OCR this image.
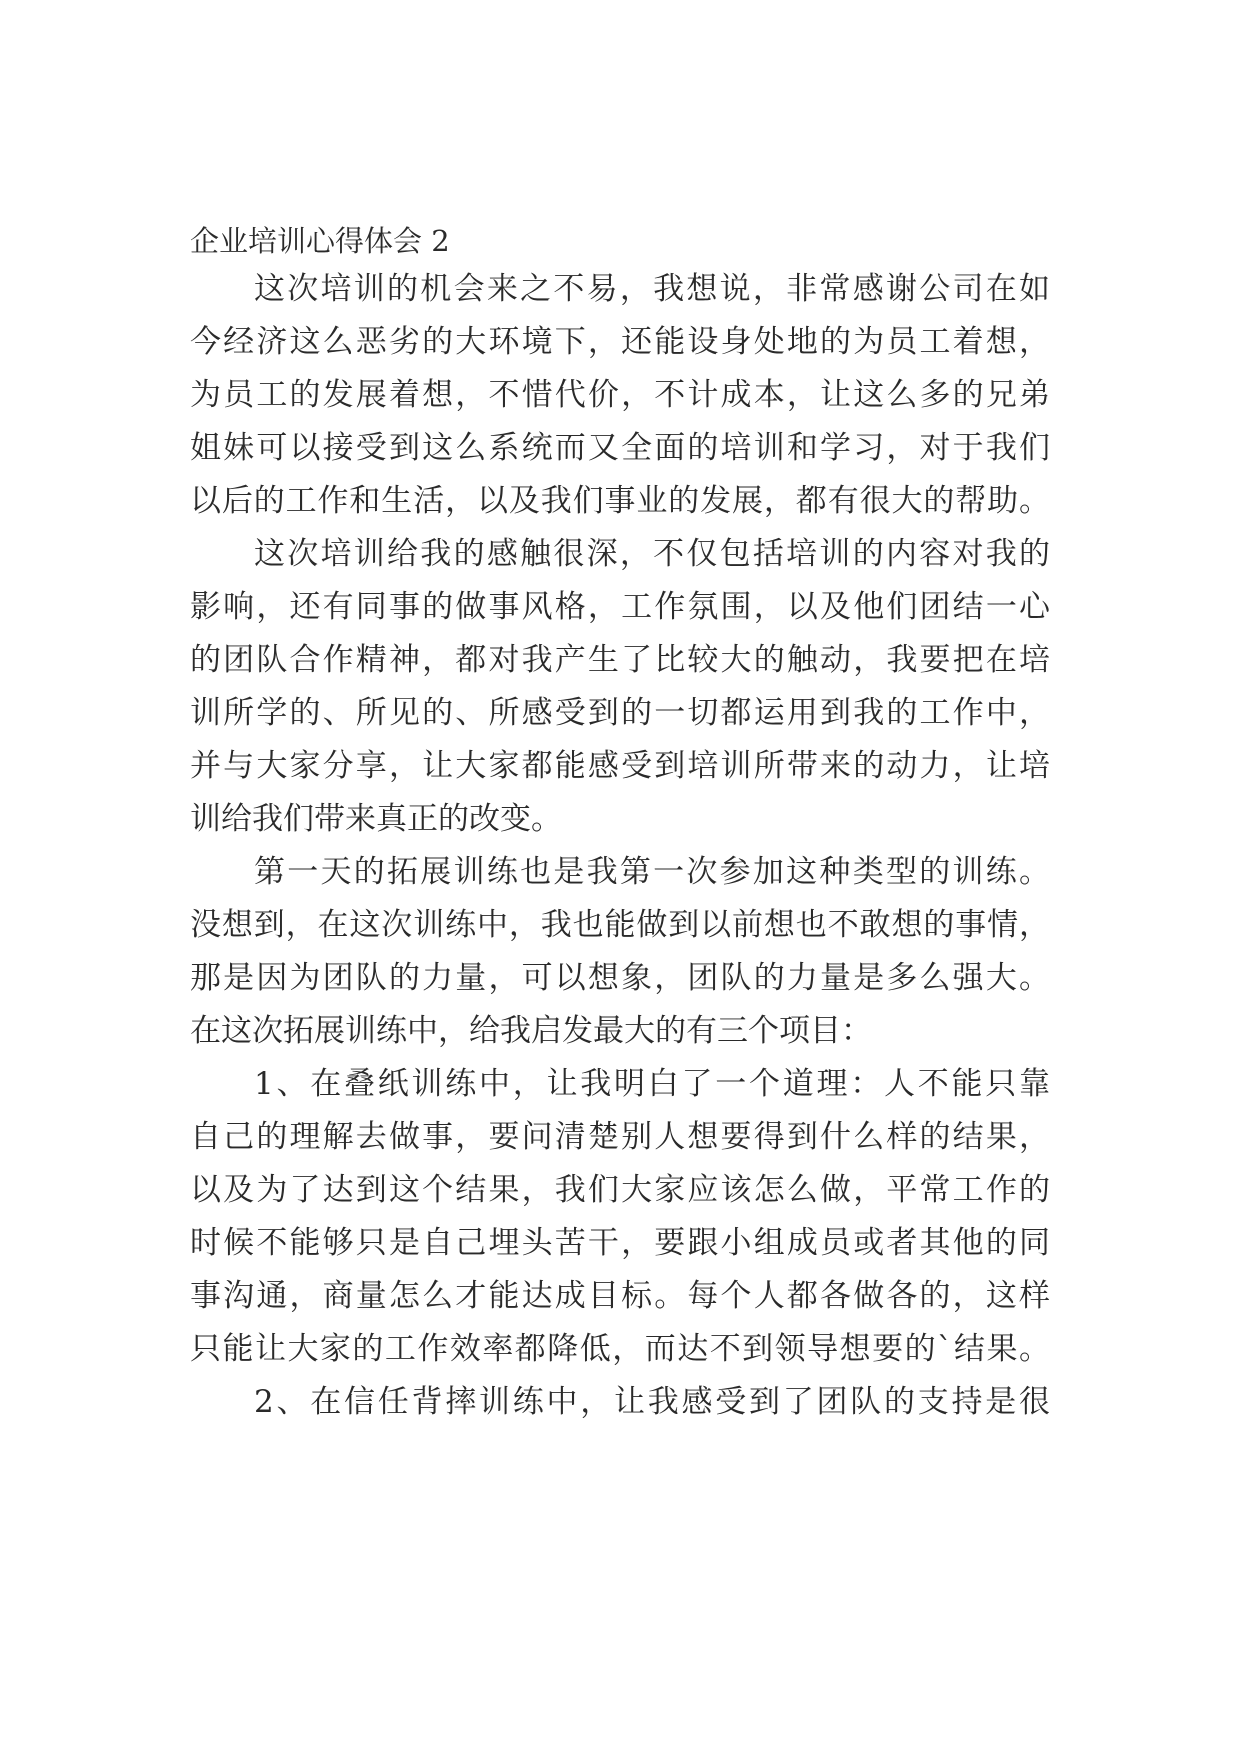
企业培训心得体会 2
这次培训的机会来之不易，我想说，非常感谢公司在如
今经济这么恶劣的大环境下，还能设身处地的为员工着想，
为员工的发展着想，不惜代价，不计成本，让这么多的兄弟
姐妹可以接受到这么系统而又全面的培训和学习，对于我们
以后的工作和生活，以及我们事业的发展，都有很大的帮助。
这次培训给我的感触很深，不仅包括培训的内容对我的
影响，还有同事的做事风格，工作氛围，以及他们团结一心
的团队合作精神，都对我产生了比较大的触动，我要把在培
训所学的、所见的、所感受到的一切都运用到我的工作中，
并与大家分享，让大家都能感受到培训所带来的动力，让培
训给我们带来真正的改变。
第一天的拓展训练也是我第一次参加这种类型的训练。
没想到，在这次训练中，我也能做到以前想也不敢想的事情，
那是因为团队的力量，可以想象，团队的力量是多么强大。
在这次拓展训练中，给我启发最大的有三个项目：
1、在叠纸训练中，让我明白了一个道理：人不能只靠
自己的理解去做事，要问清楚别人想要得到什么样的结果，
以及为了达到这个结果，我们大家应该怎么做，平常工作的
时候不能够只是自己埋头苦干，要跟小组成员或者其他的同
事沟通，商量怎么才能达成目标。每个人都各做各的，这样
只能让大家的工作效率都降低，而达不到领导想要的`结果。
2、在信任背摔训练中，让我感受到了团队的支持是很
